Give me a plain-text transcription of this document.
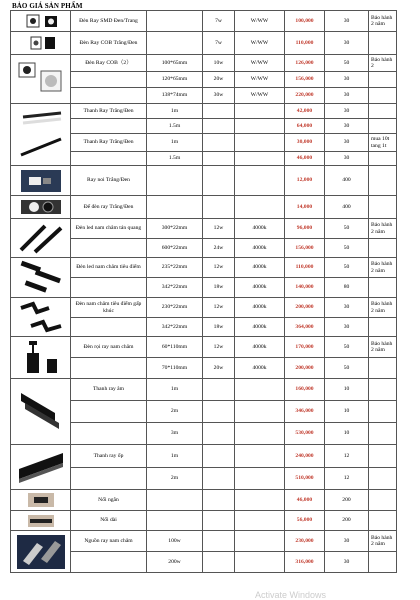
BẢO GIÁ SẢN PHẨM
	Đèn Ray SMD Đen/Trang		7w	W/WW	100,000	30	Bảo hành 2 năm

	Đèn Ray COB Trắng/Đen		7w	W/WW	110,000	30	

	Đèn Ray COB（2）	100*65mm	10w	W/WW	126,000	50	Bảo hành 2
		120*65mm	20w	W/WW	156,000	30	
		138*74mm	30w	W/WW	220,000	30	

	Thanh Ray Trắng/Đen	1m			42,000	30	
		1.5m			64,000	30	
	Thanh Ray Trắng/Đen	1m			30,000	30	mua 10t tang 1t
		1.5m			46,000	30	

	Ray noi Trắng/Đen				12,000	400	

	Đế đèn ray Trắng/Đen				14,000	400	

	Đèn led nam châm tán quang	300*22mm	12w	4000k	96,000	50	Bảo hành 2 năm
		600*22mm	24w	4000k	156,000	50	

	Đèn led nam châm tiêu điểm	235*22mm	12w	4000k	110,000	50	Bảo hành 2 năm
		342*22mm	18w	4000k	140,000	80	

	Đèn nam châm tiêu điểm gấp khúc	230*22mm	12w	4000k	200,000	30	Bảo hành 2 năm
		342*22mm	18w	4000k	364,000	30	

	Đèn rọi ray nam châm	60*110mm	12w	4000k	170,000	50	Bảo hành 2 năm
		70*110mm	20w	4000k	200,000	50	

	Thanh ray âm	1m			160,000	10	
		2m			346,000	10	
		3m			530,000	10	

	Thanh ray ốp	1m			240,000	12	
		2m			510,000	12	

	Nối ngắn				46,000	200	

	Nối dài				56,000	200	

	Nguồn ray nam châm	100w			230,000	30	Bảo hành 2 năm
		200w			316,000	30	
Activate Windows
